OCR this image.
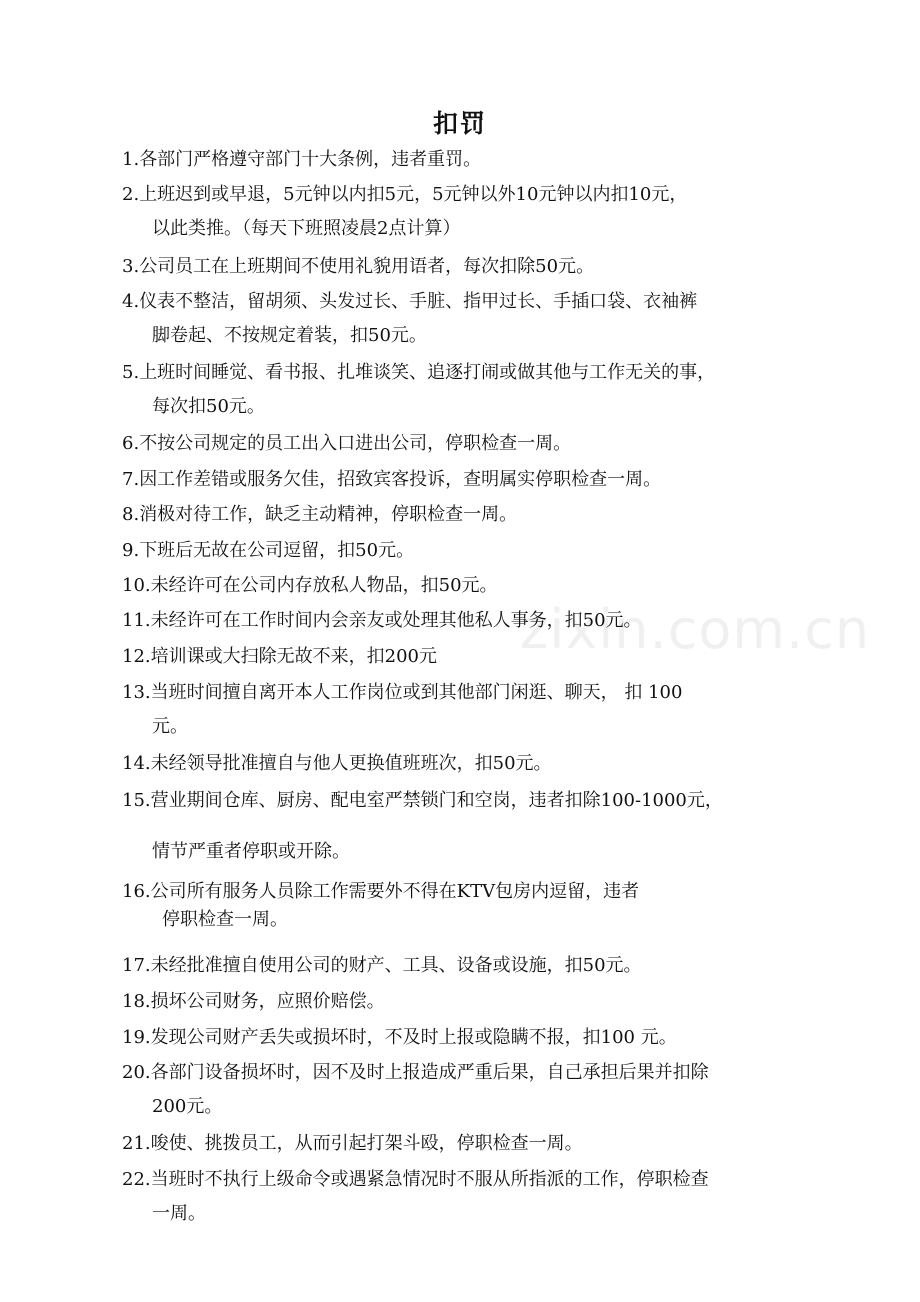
zixin.com.cn
扣罚
1.各部门严格遵守部门十大条例，违者重罚。
2.上班迟到或早退，5元钟以内扣5元，5元钟以外10元钟以内扣10元，
以此类推。（每天下班照凌晨2点计算）
3.公司员工在上班期间不使用礼貌用语者，每次扣除50元。
4.仪表不整洁，留胡须、头发过长、手脏、指甲过长、手插口袋、衣袖裤
脚卷起、不按规定着装，扣50元。
5.上班时间睡觉、看书报、扎堆谈笑、追逐打闹或做其他与工作无关的事，
每次扣50元。
6.不按公司规定的员工出入口进出公司，停职检查一周。
7.因工作差错或服务欠佳，招致宾客投诉，查明属实停职检查一周。
8.消极对待工作，缺乏主动精神，停职检查一周。
9.下班后无故在公司逗留，扣50元。
10.未经许可在公司内存放私人物品，扣50元。
11.未经许可在工作时间内会亲友或处理其他私人事务，扣50元。
12.培训课或大扫除无故不来，扣200元
13.当班时间擅自离开本人工作岗位或到其他部门闲逛、聊天， 扣 100
元。
14.未经领导批准擅自与他人更换值班班次，扣50元。
15.营业期间仓库、厨房、配电室严禁锁门和空岗，违者扣除100-1000元，
情节严重者停职或开除。
16.公司所有服务人员除工作需要外不得在KTV包房内逗留，违者
停职检查一周。
17.未经批准擅自使用公司的财产、工具、设备或设施，扣50元。
18.损坏公司财务，应照价赔偿。
19.发现公司财产丢失或损坏时，不及时上报或隐瞒不报，扣100 元。
20.各部门设备损坏时，因不及时上报造成严重后果，自己承担后果并扣除
200元。
21.唆使、挑拨员工，从而引起打架斗殴，停职检查一周。
22.当班时不执行上级命令或遇紧急情况时不服从所指派的工作，停职检查
一周。
